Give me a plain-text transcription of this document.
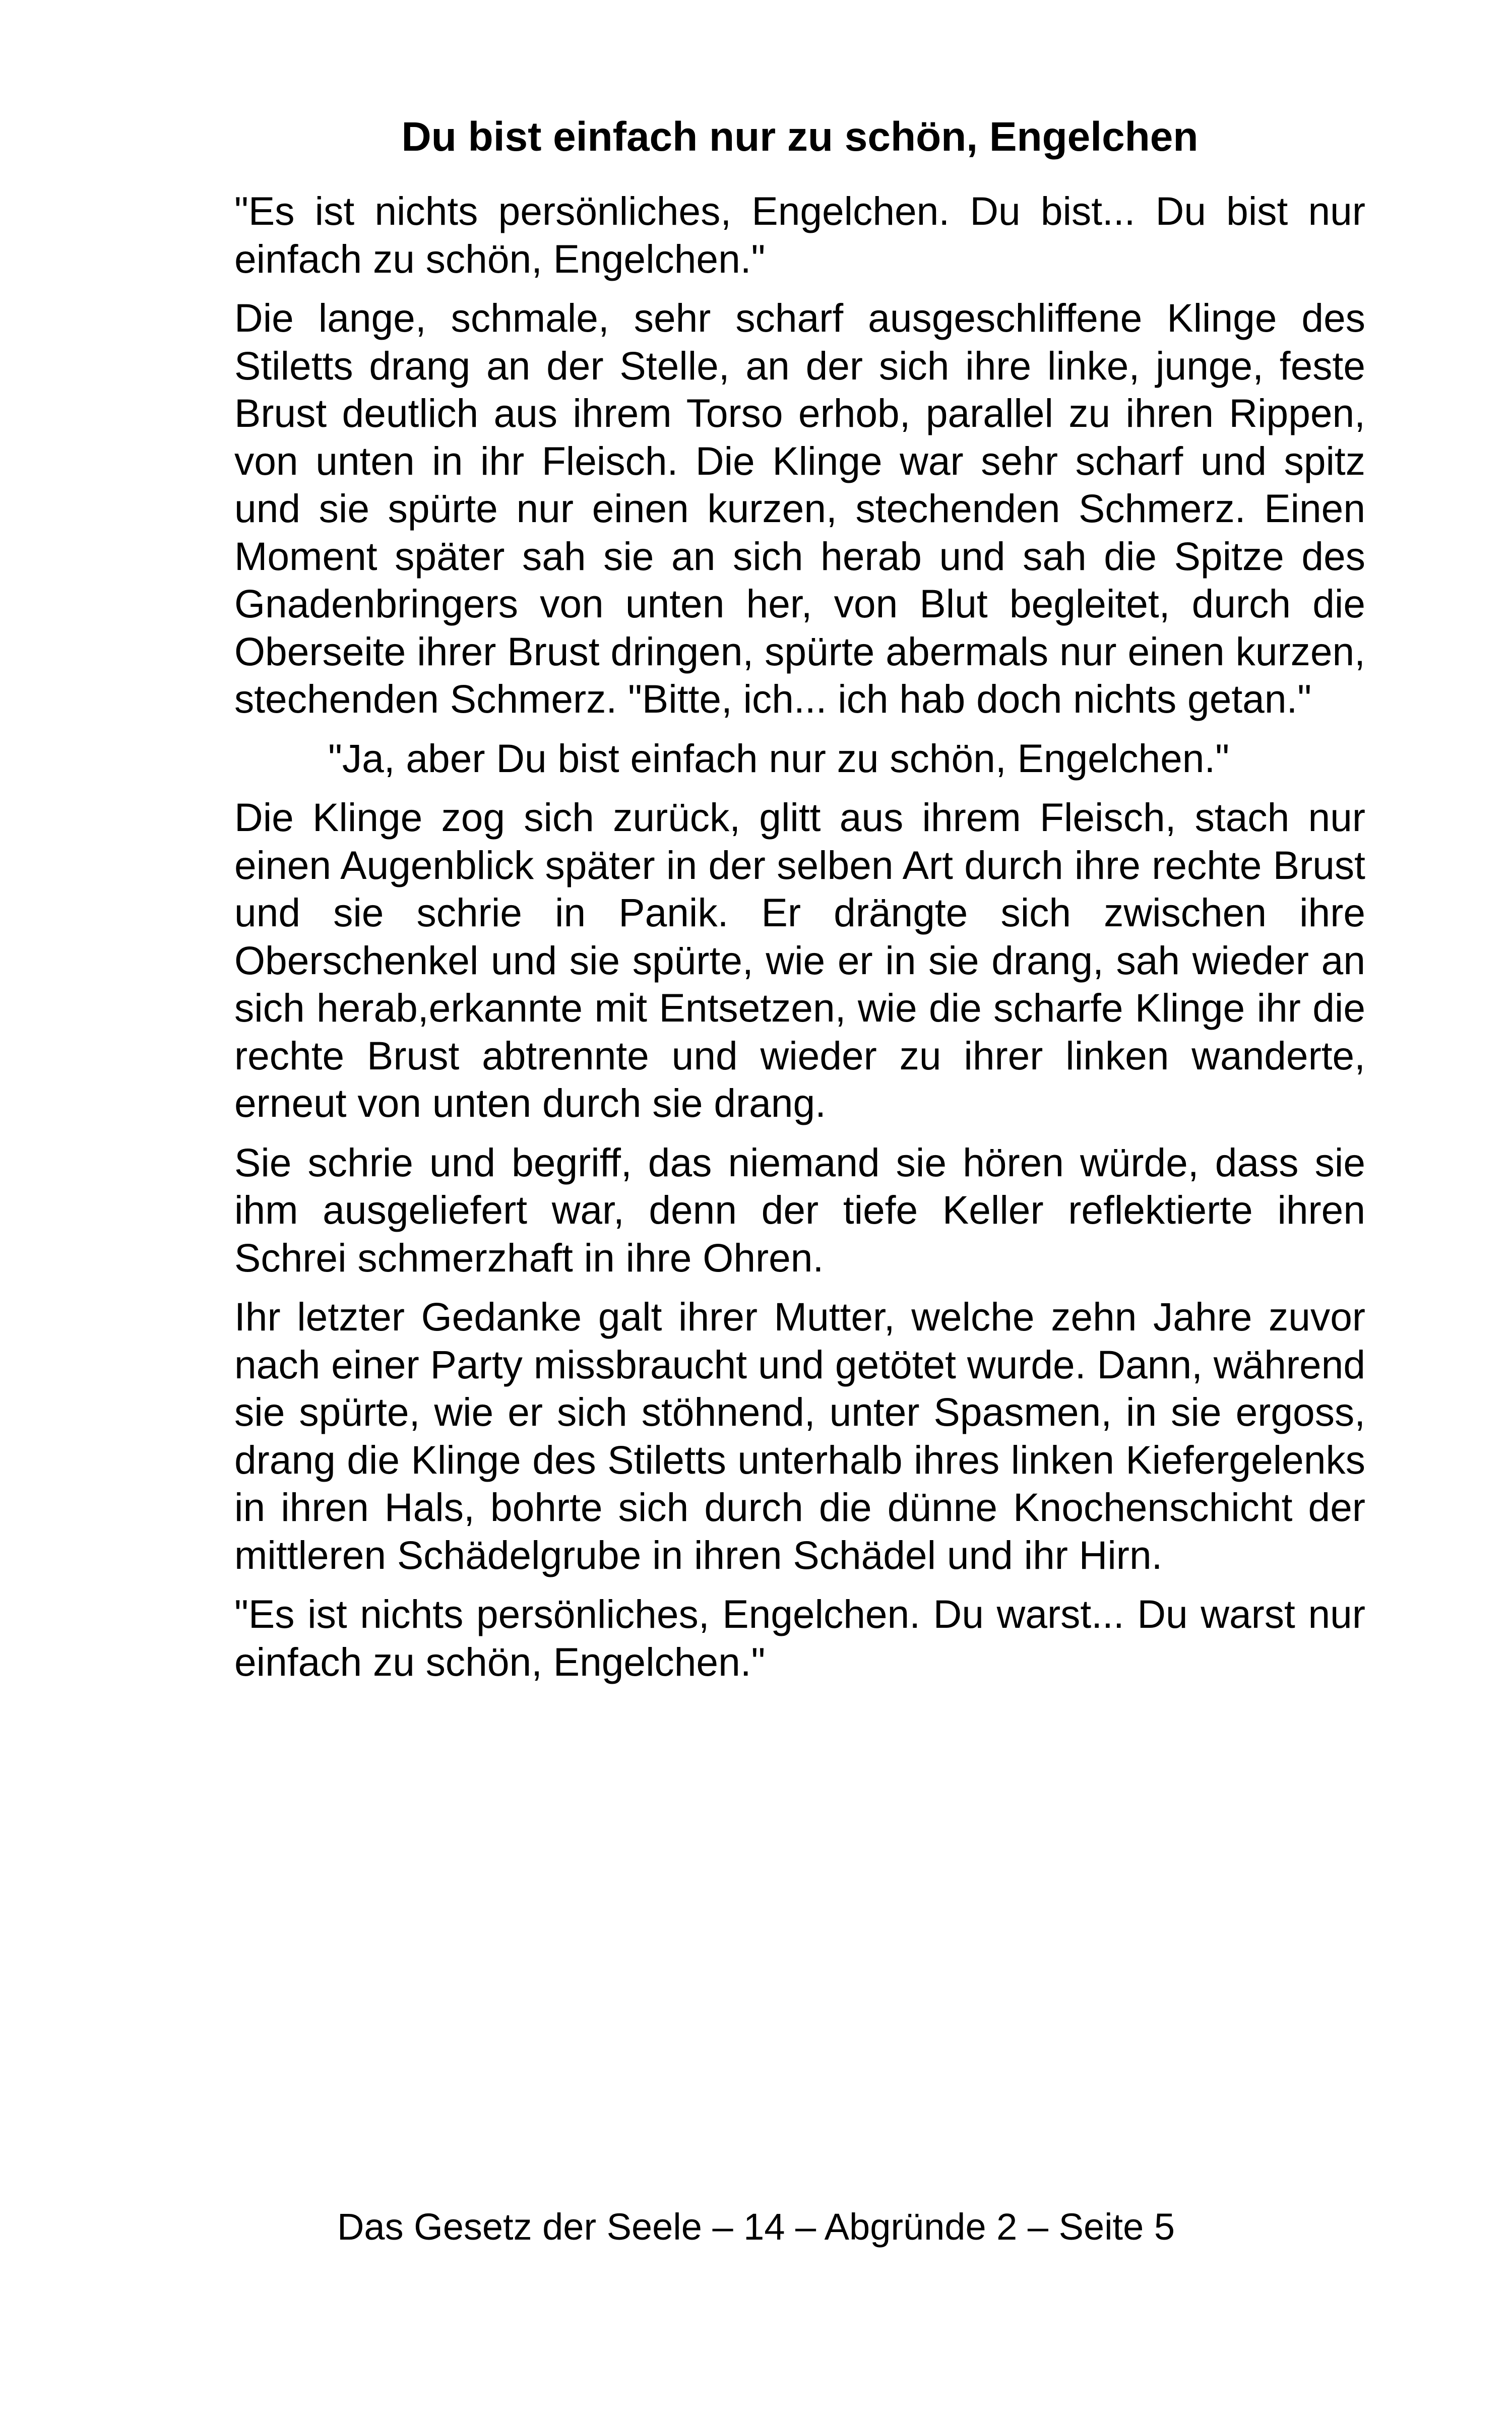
Du bist einfach nur zu schön, Engelchen

"Es ist nichts persönliches, Engelchen. Du bist... Du bist nur einfach zu schön, Engelchen."

Die lange, schmale, sehr scharf ausgeschliffene Klinge des Stiletts drang an der Stelle, an der sich ihre linke, junge, feste Brust deutlich aus ihrem Torso erhob, parallel zu ihren Rippen, von unten in ihr Fleisch. Die Klinge war sehr scharf und spitz und sie spürte nur einen kurzen, stechenden Schmerz. Einen Moment später sah sie an sich herab und sah die Spitze des Gnadenbringers von unten her, von Blut begleitet, durch die Oberseite ihrer Brust dringen, spürte abermals nur einen kurzen, stechenden Schmerz. "Bitte, ich... ich hab doch nichts getan."

"Ja, aber Du bist einfach nur zu schön, Engelchen."

Die Klinge zog sich zurück, glitt aus ihrem Fleisch, stach nur einen Augenblick später in der selben Art durch ihre rechte Brust und sie schrie in Panik. Er drängte sich zwischen ihre Oberschenkel und sie spürte, wie er in sie drang, sah wieder an sich herab,erkannte mit Entsetzen, wie die scharfe Klinge ihr die rechte Brust abtrennte und wieder zu ihrer linken wanderte, erneut von unten durch sie drang.

Sie schrie und begriff, das niemand sie hören würde, dass sie ihm ausgeliefert war, denn der tiefe Keller reflektierte ihren Schrei schmerzhaft in ihre Ohren.

Ihr letzter Gedanke galt ihrer Mutter, welche zehn Jahre zuvor nach einer Party missbraucht und getötet wurde. Dann, während sie spürte, wie er sich stöhnend, unter Spasmen, in sie ergoss, drang die Klinge des Stiletts unterhalb ihres linken Kiefergelenks in ihren Hals, bohrte sich durch die dünne Knochenschicht der mittleren Schädelgrube in ihren Schädel und ihr Hirn.

"Es ist nichts persönliches, Engelchen. Du warst... Du warst nur einfach zu schön, Engelchen."

Das Gesetz der Seele – 14 – Abgründe 2 – Seite 5
